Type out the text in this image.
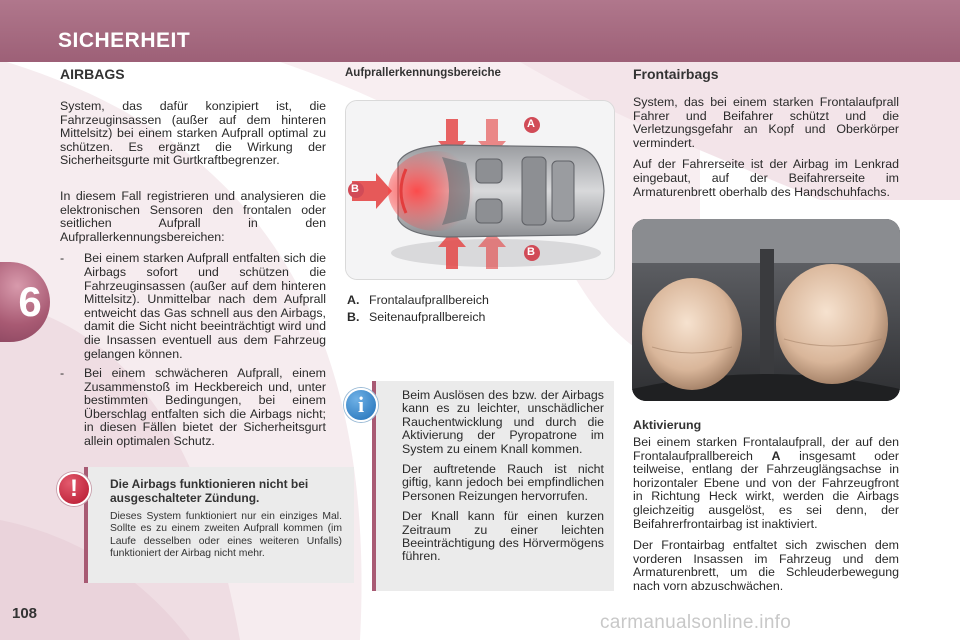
SICHERHEIT
6
108	carmanualsonline.info
AIRBAGS

System, das dafür konzipiert ist, die Fahrzeuginsassen (außer auf dem hinteren Mittelsitz) bei einem starken Aufprall optimal zu schützen. Es ergänzt die Wirkung der Sicherheitsgurte mit Gurtkraftbegrenzer.

In diesem Fall registrieren und analysieren die elektronischen Sensoren den frontalen oder seitlichen Aufprall in den Aufprallerkennungsbereichen:

-	Bei einem starken Aufprall entfalten sich die Airbags sofort und schützen die Fahrzeuginsassen (außer auf dem hinteren Mittelsitz). Unmittelbar nach dem Aufprall entweicht das Gas schnell aus den Airbags, damit die Sicht nicht beeinträchtigt wird und die Insassen eventuell aus dem Fahrzeug gelangen können.
-	Bei einem schwächeren Aufprall, einem Zusammenstoß im Heckbereich und, unter bestimmten Bedingungen, bei einem Überschlag entfalten sich die Airbags nicht; in diesen Fällen bietet der Sicherheitsgurt allein optimalen Schutz.
Die Airbags funktionieren nicht bei ausgeschalteter Zündung.
Dieses System funktioniert nur ein einziges Mal. Sollte es zu einem zweiten Aufprall kommen (im Laufe desselben oder eines weiteren Unfalls) funktioniert der Airbag nicht mehr.
!
Aufprallerkennungsbereiche
A
B
B
A. Frontalaufprallbereich
B. Seitenaufprallbereich

Beim Auslösen des bzw. der Airbags kann es zu leichter, unschädlicher Rauchentwicklung und durch die Aktivierung der Pyropatrone im System zu einem Knall kommen.

Der auftretende Rauch ist nicht giftig, kann jedoch bei empfindlichen Personen Reizungen hervorrufen.

Der Knall kann für einen kurzen Zeitraum zu einer leichten Beeinträchtigung des Hörvermögens führen.

i
Frontairbags

System, das bei einem starken Frontalaufprall Fahrer und Beifahrer schützt und die Verletzungsgefahr an Kopf und Oberkörper vermindert.

Auf der Fahrerseite ist der Airbag im Lenkrad eingebaut, auf der Beifahrerseite im Armaturenbrett oberhalb des Handschuhfachs.

Aktivierung

Bei einem starken Frontalaufprall, der auf den Frontalaufprallbereich A insgesamt oder teilweise, entlang der Fahrzeuglängsachse in horizontaler Ebene und von der Fahrzeugfront in Richtung Heck wirkt, werden die Airbags gleichzeitig ausgelöst, es sei denn, der Beifahrerfrontairbag ist inaktiviert.

Der Frontairbag entfaltet sich zwischen dem vorderen Insassen im Fahrzeug und dem Armaturenbrett, um die Schleuderbewegung nach vorn abzuschwächen.
